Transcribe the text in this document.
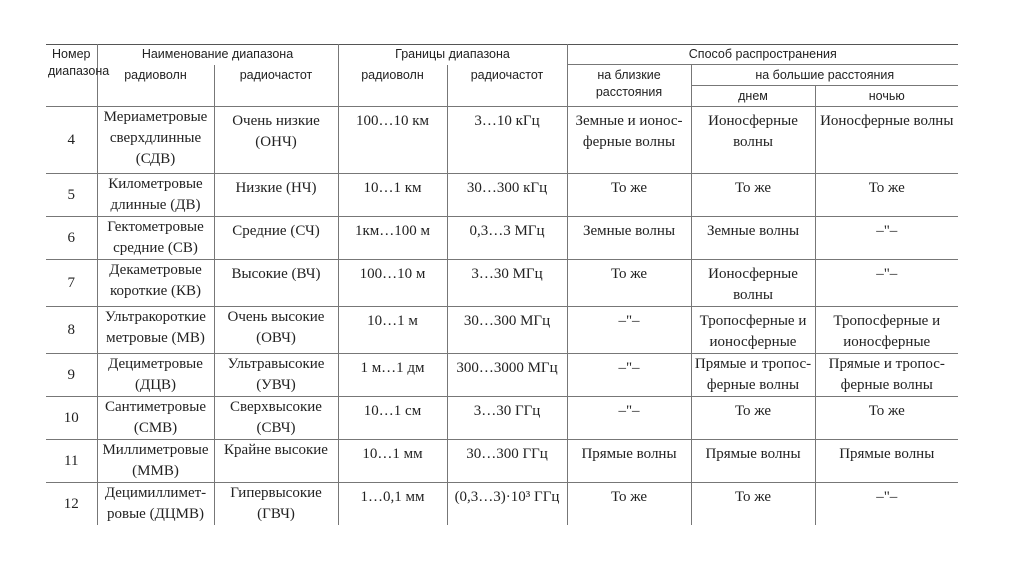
Номер диапазона	Наименование диапазона		Границы диапазона		Способ распространения		
	радиоволн	радиочастот	радиоволн	радиочастот	на близкие расстояния	на большие расстояния	
						днем	ночью
4	Мериаметровые сверхдлинные (СДВ)	Очень низкие (ОНЧ)	100…10 км	3…10 кГц	Земные и ионос-ферные волны	Ионосферные волны	Ионосферные волны
5	Километровые длинные (ДВ)	Низкие (НЧ)	10…1 км	30…300 кГц	То же	То же	То же
6	Гектометровые средние (СВ)	Средние (СЧ)	1км…100 м	0,3…3 МГц	Земные волны	Земные волны	–"–
7	Декаметровые короткие (КВ)	Высокие (ВЧ)	100…10 м	3…30 МГц	То же	Ионосферные волны	–"–
8	Ультракороткие метровые (МВ)	Очень высокие (ОВЧ)	10…1 м	30…300 МГц	–"–	Тропосферные и ионосферные	Тропосферные и ионосферные
9	Дециметровые (ДЦВ)	Ультравысокие (УВЧ)	1 м…1 дм	300…3000 МГц	–"–	Прямые и тропос-ферные волны	Прямые и тропос-ферные волны
10	Сантиметровые (СМВ)	Сверхвысокие (СВЧ)	10…1 см	3…30 ГГц	–"–	То же	То же
11	Миллиметровые (ММВ)	Крайне высокие	10…1 мм	30…300 ГГц	Прямые волны	Прямые волны	Прямые волны
12	Децимиллимет-ровые (ДЦМВ)	Гипервысокие (ГВЧ)	1…0,1 мм	(0,3…3)·10³ ГГц	То же	То же	–"–
